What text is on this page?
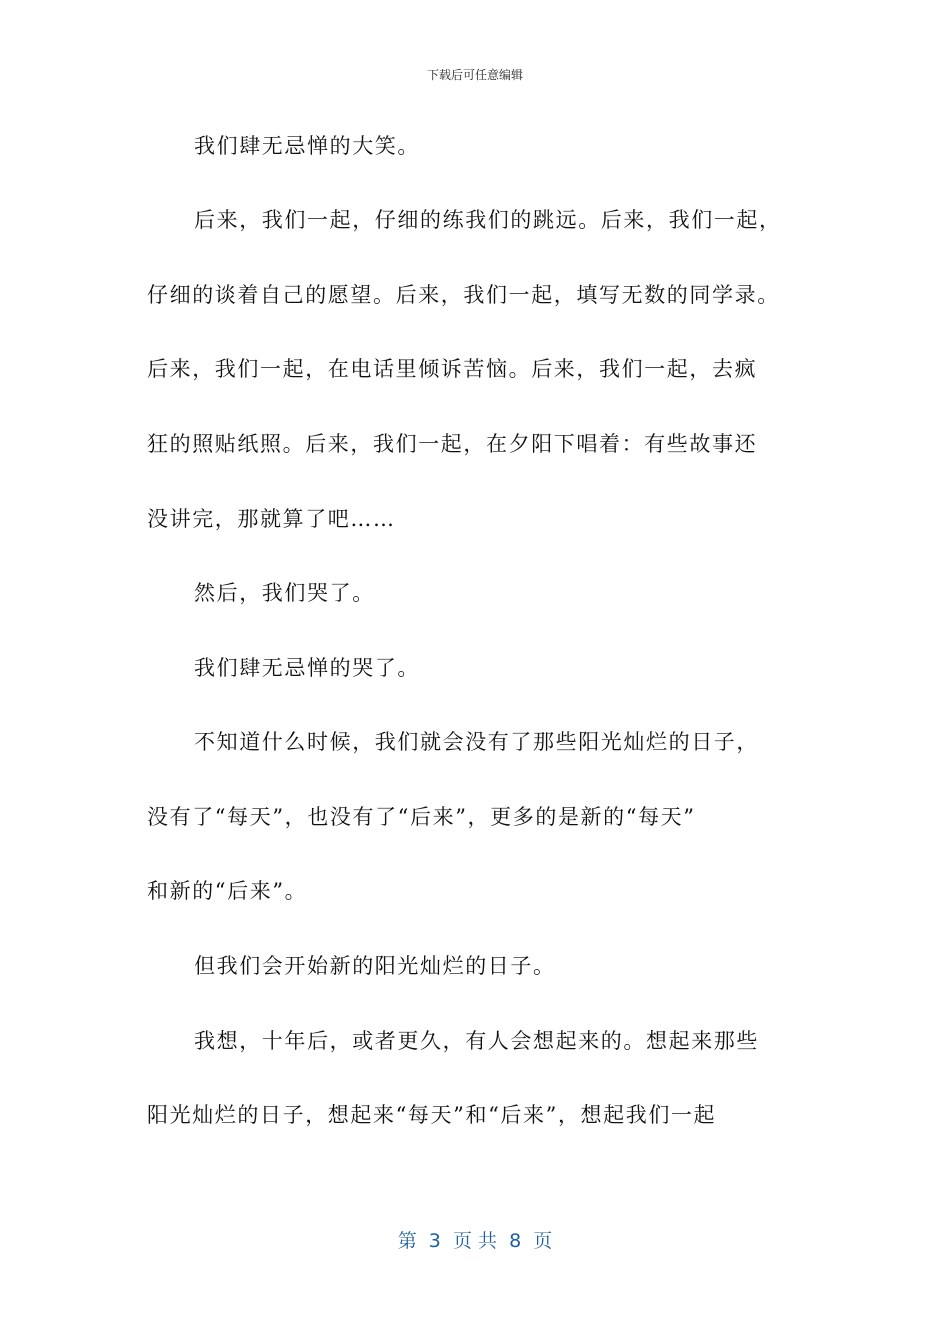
下载后可任意编辑
我们肆无忌惮的大笑。
后来，我们一起，仔细的练我们的跳远。后来，我们一起，
仔细的谈着自己的愿望。后来，我们一起，填写无数的同学录。
后来，我们一起，在电话里倾诉苦恼。后来，我们一起，去疯
狂的照贴纸照。后来，我们一起，在夕阳下唱着：有些故事还
没讲完，那就算了吧……
然后，我们哭了。
我们肆无忌惮的哭了。
不知道什么时候，我们就会没有了那些阳光灿烂的日子，
没有了“每天”，也没有了“后来”，更多的是新的“每天”
和新的“后来”。
但我们会开始新的阳光灿烂的日子。
我想，十年后，或者更久，有人会想起来的。想起来那些
阳光灿烂的日子，想起来“每天”和“后来”，想起我们一起
第  3  页 共  8  页
